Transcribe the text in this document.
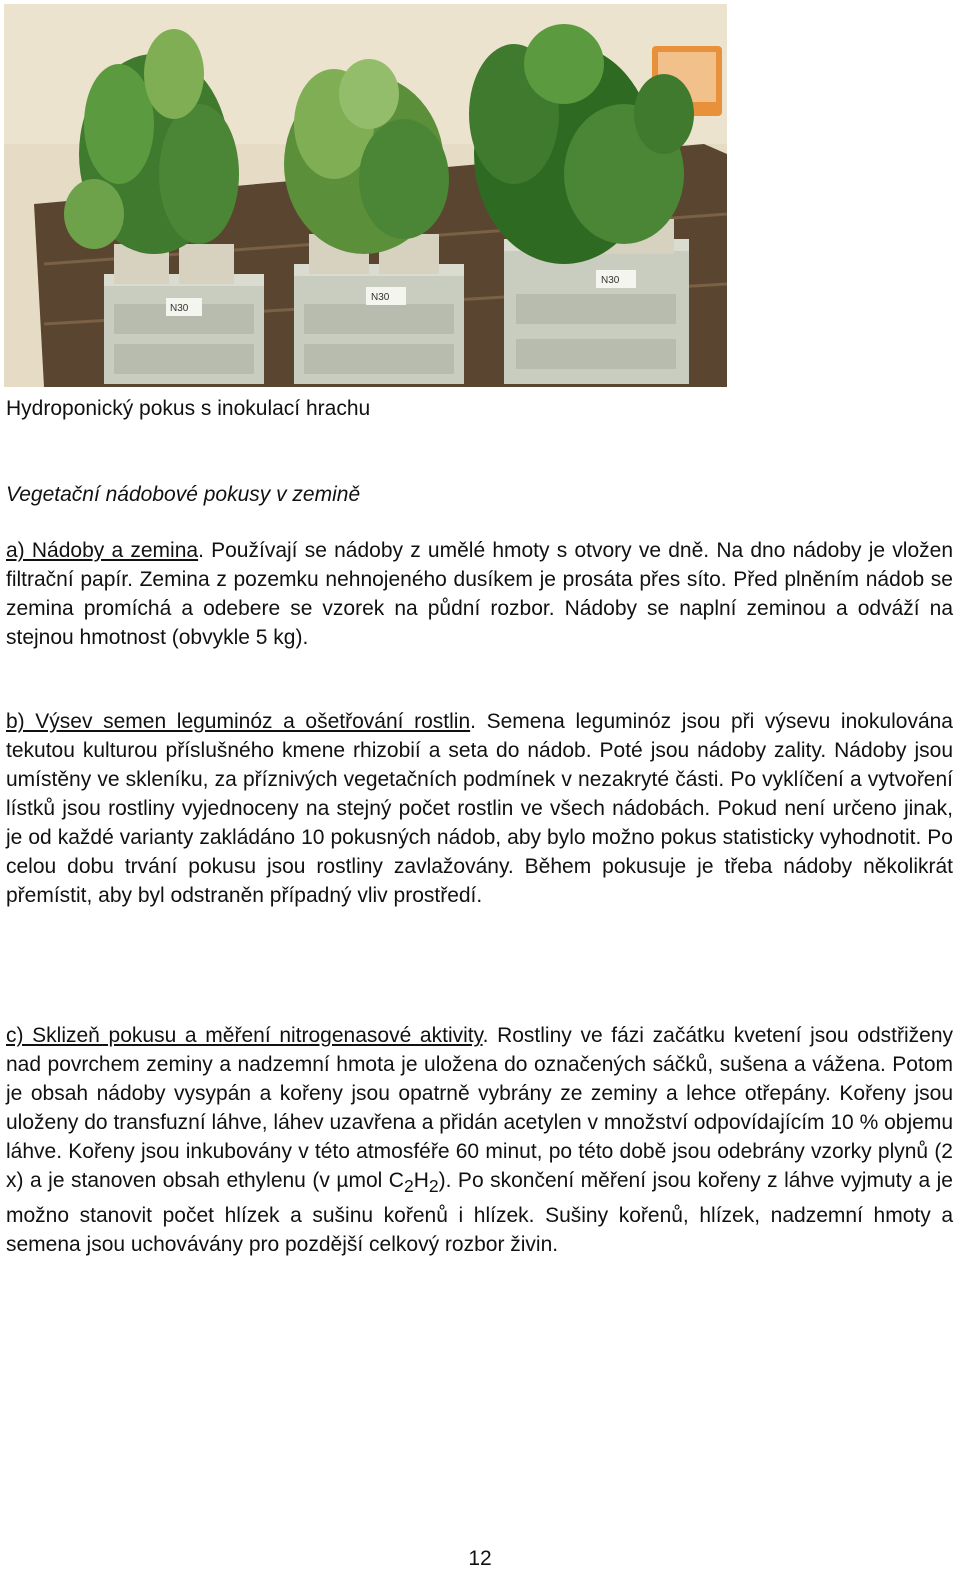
N30
N30
N30
Hydroponický pokus s inokulací hrachu
Vegetační nádobové pokusy v zemině

a) Nádoby a zemina. Používají se nádoby z umělé hmoty s otvory ve dně. Na dno nádoby je vložen filtrační papír. Zemina z pozemku nehnojeného dusíkem je prosáta přes síto. Před plněním nádob se zemina promíchá a odebere se vzorek na půdní rozbor. Nádoby se naplní zeminou a odváží na stejnou hmotnost (obvykle 5 kg).

b) Výsev semen leguminóz a ošetřování rostlin. Semena leguminóz jsou při výsevu inokulována tekutou kulturou příslušného kmene rhizobií a seta do nádob. Poté jsou nádoby zality. Nádoby jsou umístěny ve skleníku, za příznivých vegetačních podmínek v nezakryté části. Po vyklíčení a vytvoření lístků jsou rostliny vyjednoceny na stejný počet rostlin ve všech nádobách. Pokud není určeno jinak, je od každé varianty zakládáno 10 pokusných nádob, aby bylo možno pokus statisticky vyhodnotit. Po celou dobu trvání pokusu jsou rostliny zavlažovány. Během pokusuje je třeba nádoby několikrát přemístit, aby byl odstraněn případný vliv prostředí.

c) Sklizeň pokusu a měření nitrogenasové aktivity. Rostliny ve fázi začátku kvetení jsou odstřiženy nad povrchem zeminy a nadzemní hmota je uložena do označených sáčků, sušena a vážena. Potom je obsah nádoby vysypán a kořeny jsou opatrně vybrány ze zeminy a lehce otřepány. Kořeny jsou uloženy do transfuzní láhve, láhev uzavřena a přidán acetylen v množství odpovídajícím 10 % objemu láhve. Kořeny jsou inkubovány v této atmosféře 60 minut, po této době jsou odebrány vzorky plynů (2 x) a je stanoven obsah ethylenu (v µmol $C_2H_2$). Po skončení měření jsou kořeny z láhve vyjmuty a je možno stanovit počet hlízek a sušinu kořenů i hlízek. Sušiny kořenů, hlízek, nadzemní hmoty a semena jsou uchovávány pro pozdější celkový rozbor živin.

12
